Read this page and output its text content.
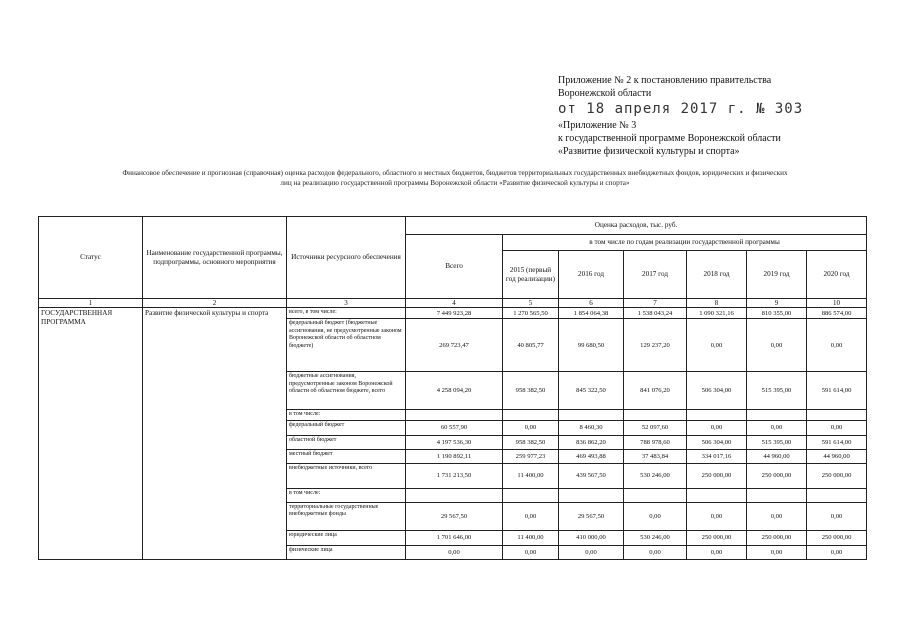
Приложение № 2 к постановлению правительства
Воронежской области
от 18 апреля 2017 г. № 303
«Приложение № 3
к государственной программе Воронежской области
«Развитие физической культуры и спорта»
Финансовое обеспечение и прогнозная (справочная) оценка расходов федерального, областного и местных бюджетов, бюджетов территориальных государственных внебюджетных фондов, юридических и физических
лиц на реализацию государственной программы Воронежской области «Развитие физической культуры и спорта»
Статус	Наименование государственной программы, подпрограммы, основного мероприятия	Источники ресурсного обеспечения	Оценка расходов, тыс. руб.						
			Всего	в том числе по годам реализации государственной программы					
				2015 (первый год реализации)	2016 год	2017 год	2018 год	2019 год	2020 год
1	2	3	4	5	6	7	8	9	10
ГОСУДАРСТВЕННАЯ ПРОГРАММА	Развитие физической культуры и спорта	всего, в том числе:	7 449 923,28	1 270 565,50	1 854 064,38	1 538 043,24	1 090 321,16	810 355,00	886 574,00
		федеральный бюджет (бюджетные ассигнования, не предусмотренные законом Воронежской области об областном бюджете)	269 723,47	40 805,77	99 680,50	129 237,20	0,00	0,00	0,00
		бюджетные ассигнования, предусмотренные законом Воронежской области об областном бюджете, всего	4 258 094,20	958 382,50	845 322,50	841 076,20	506 304,00	515 395,00	591 614,00
		в том числе:							
		федеральный бюджет	60 557,90	0,00	8 460,30	52 097,60	0,00	0,00	0,00
		областной бюджет	4 197 536,30	958 382,50	836 862,20	788 978,60	506 304,00	515 395,00	591 614,00
		местный бюджет	1 190 892,11	259 977,23	469 493,88	37 483,84	334 017,16	44 960,00	44 960,00
		внебюджетные источники, всего	1 731 213,50	11 400,00	439 567,50	530 246,00	250 000,00	250 000,00	250 000,00
		в том числе:							
		территориальные государственные внебюджетные фонды	29 567,50	0,00	29 567,50	0,00	0,00	0,00	0,00
		юридические лица	1 701 646,00	11 400,00	410 000,00	530 246,00	250 000,00	250 000,00	250 000,00
		физические лица	0,00	0,00	0,00	0,00	0,00	0,00	0,00
